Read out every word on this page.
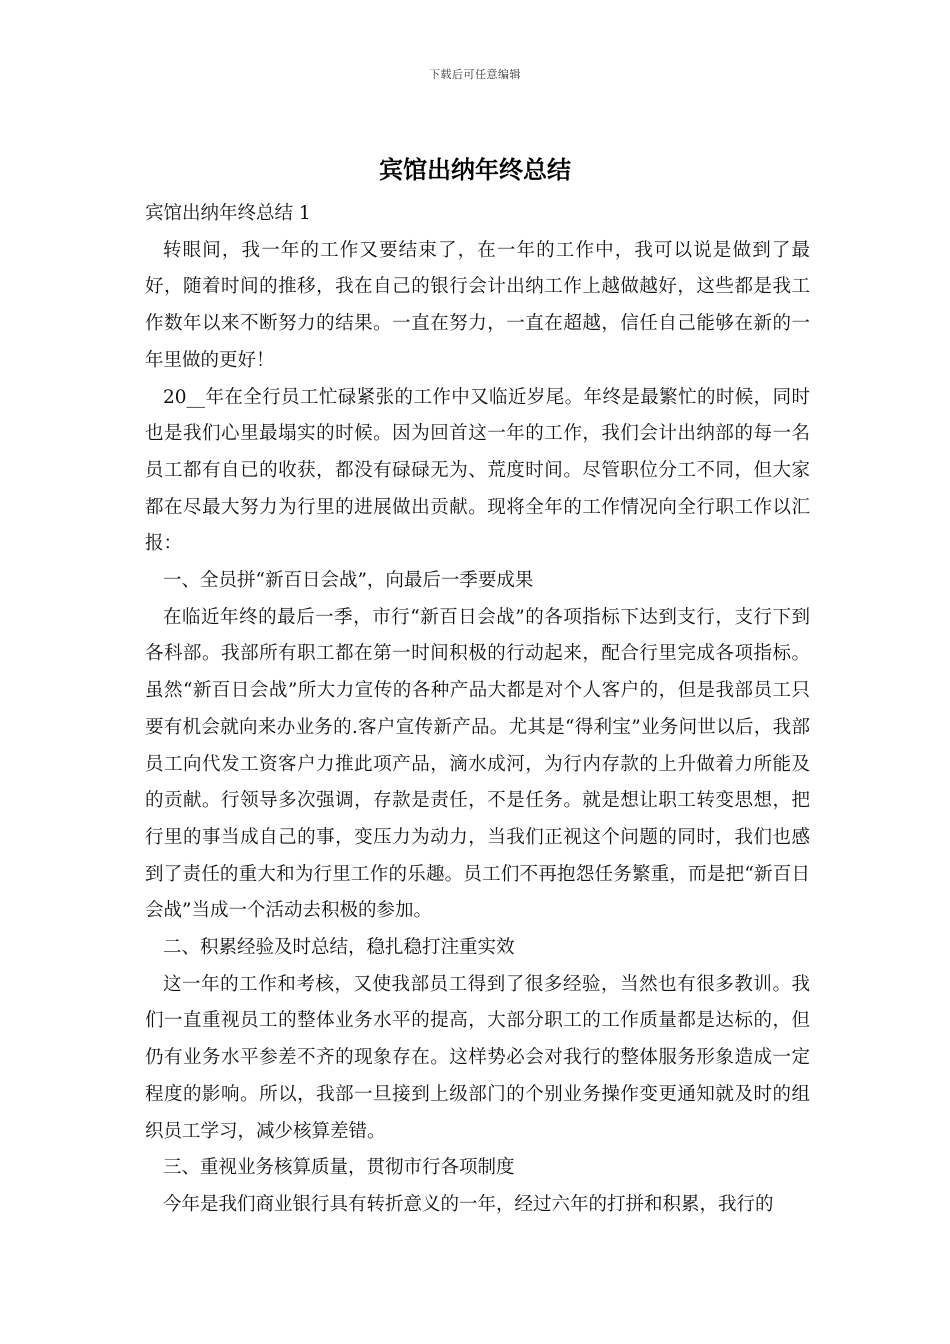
下载后可任意编辑
宾馆出纳年终总结

宾馆出纳年终总结 1

转眼间，我一年的工作又要结束了，在一年的工作中，我可以说是做到了最好，随着时间的推移，我在自己的银行会计出纳工作上越做越好，这些都是我工作数年以来不断努力的结果。一直在努力，一直在超越，信任自己能够在新的一年里做的更好！

20__年在全行员工忙碌紧张的工作中又临近岁尾。年终是最繁忙的时候，同时也是我们心里最塌实的时候。因为回首这一年的工作，我们会计出纳部的每一名员工都有自已的收获，都没有碌碌无为、荒度时间。尽管职位分工不同，但大家都在尽最大努力为行里的进展做出贡献。现将全年的工作情况向全行职工作以汇报：

一、全员拼“新百日会战”，向最后一季要成果

在临近年终的最后一季，市行“新百日会战”的各项指标下达到支行，支行下到各科部。我部所有职工都在第一时间积极的行动起来，配合行里完成各项指标。虽然“新百日会战”所大力宣传的各种产品大都是对个人客户的，但是我部员工只要有机会就向来办业务的.客户宣传新产品。尤其是“得利宝”业务问世以后，我部员工向代发工资客户力推此项产品，滴水成河，为行内存款的上升做着力所能及的贡献。行领导多次强调，存款是责任，不是任务。就是想让职工转变思想，把行里的事当成自己的事，变压力为动力，当我们正视这个问题的同时，我们也感到了责任的重大和为行里工作的乐趣。员工们不再抱怨任务繁重，而是把“新百日会战”当成一个活动去积极的参加。

二、积累经验及时总结，稳扎稳打注重实效

这一年的工作和考核，又使我部员工得到了很多经验，当然也有很多教训。我们一直重视员工的整体业务水平的提高，大部分职工的工作质量都是达标的，但仍有业务水平参差不齐的现象存在。这样势必会对我行的整体服务形象造成一定程度的影响。所以，我部一旦接到上级部门的个别业务操作变更通知就及时的组织员工学习，减少核算差错。

三、重视业务核算质量，贯彻市行各项制度

今年是我们商业银行具有转折意义的一年，经过六年的打拼和积累，我行的
